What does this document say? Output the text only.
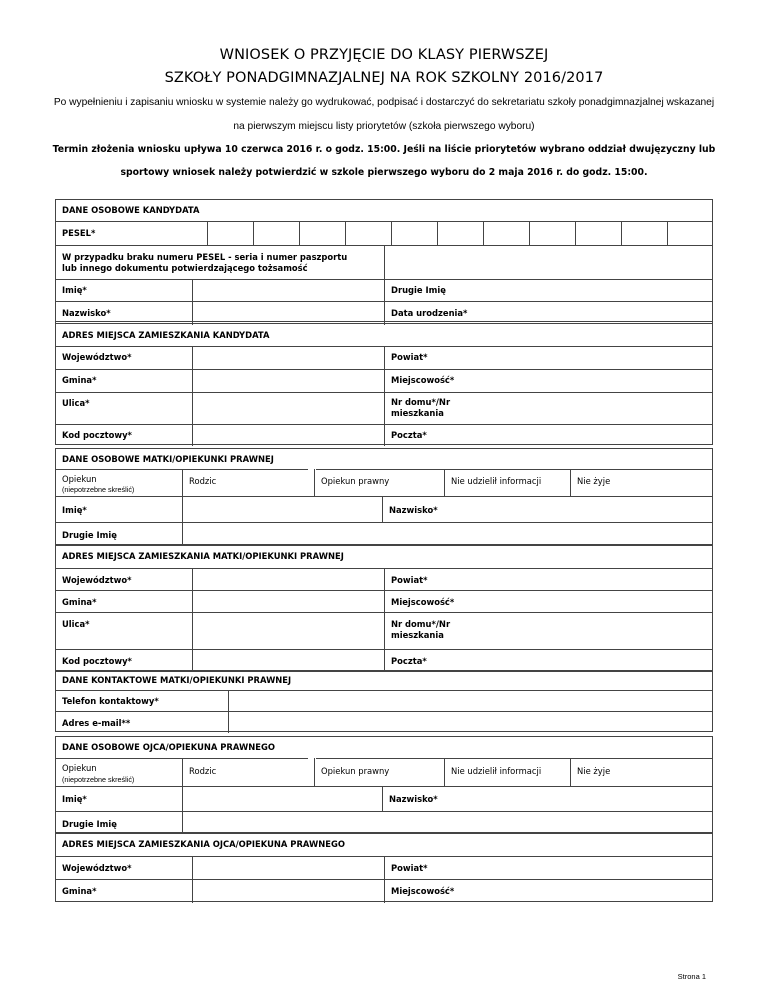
WNIOSEK O PRZYJĘCIE DO KLASY PIERWSZEJ
SZKOŁY PONADGIMNAZJALNEJ NA ROK SZKOLNY 2016/2017
Po wypełnieniu i zapisaniu wniosku w systemie należy go wydrukować, podpisać i dostarczyć do sekretariatu szkoły ponadgimnazjalnej wskazanej
na pierwszym miejscu listy priorytetów (szkoła pierwszego wyboru)
Termin złożenia wniosku upływa 10 czerwca 2016 r. o godz. 15:00. Jeśli na liście priorytetów wybrano oddział dwujęzyczny lub
sportowy wniosek należy potwierdzić w szkole pierwszego wyboru do 2 maja 2016 r. do godz. 15:00.
DANE OSOBOWE KANDYDATA
PESEL*
W przypadku braku numeru PESEL - seria i numer paszportu
lub innego dokumentu potwierdzającego tożsamość
Imię*	Drugie Imię
Nazwisko*	Data urodzenia*
ADRES MIEJSCA ZAMIESZKANIA KANDYDATA
Województwo*	Powiat*
Gmina*	Miejscowość*
Ulica*	Nr domu*/Nr
mieszkania
Kod pocztowy*	Poczta*
DANE OSOBOWE MATKI/OPIEKUNKI PRAWNEJ
Opiekun
(niepotrzebne skreślić)
Rodzic	Opiekun prawny	Nie udzielił informacji	Nie żyje
Imię*	Nazwisko*
Drugie Imię
ADRES MIEJSCA ZAMIESZKANIA MATKI/OPIEKUNKI PRAWNEJ
Województwo*	Powiat*
Gmina*	Miejscowość*
Ulica*	Nr domu*/Nr
mieszkania
Kod pocztowy*	Poczta*
DANE KONTAKTOWE MATKI/OPIEKUNKI PRAWNEJ
Telefon kontaktowy*
Adres e-mail**
DANE OSOBOWE OJCA/OPIEKUNA PRAWNEGO
Opiekun
(niepotrzebne skreślić)
Rodzic	Opiekun prawny	Nie udzielił informacji	Nie żyje
Imię*	Nazwisko*
Drugie Imię
ADRES MIEJSCA ZAMIESZKANIA OJCA/OPIEKUNA PRAWNEGO
Województwo*	Powiat*
Gmina*	Miejscowość*
Strona 1
